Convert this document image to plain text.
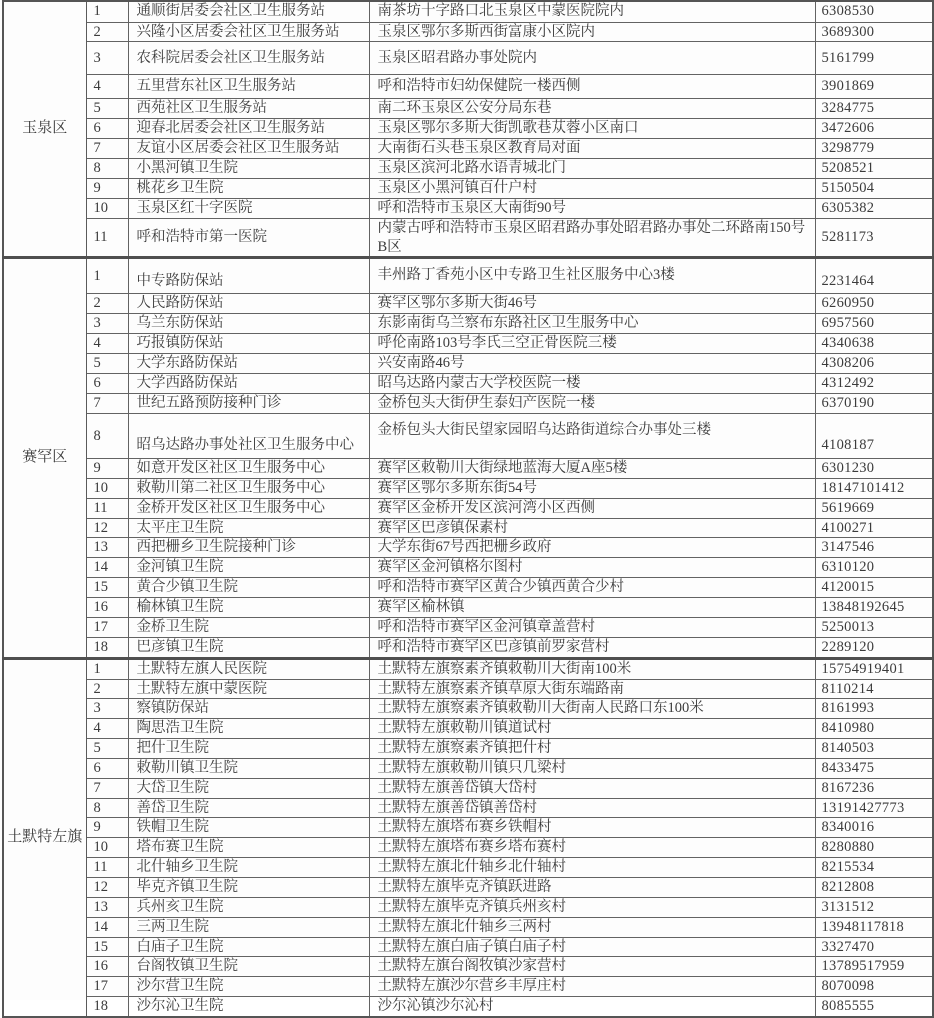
玉泉区	1	通顺街居委会社区卫生服务站	南茶坊十字路口北玉泉区中蒙医院院内	6308530
	2	兴隆小区居委会社区卫生服务站	玉泉区鄂尔多斯西街富康小区院内	3689300
	3	农科院居委会社区卫生服务站	玉泉区昭君路办事处院内	5161799
	4	五里营东社区卫生服务站	呼和浩特市妇幼保健院一楼西侧	3901869
	5	西苑社区卫生服务站	南二环玉泉区公安分局东巷	3284775
	6	迎春北居委会社区卫生服务站	玉泉区鄂尔多斯大街凯歌巷苁蓉小区南口	3472606
	7	友谊小区居委会社区卫生服务站	大南街石头巷玉泉区教育局对面	3298779
	8	小黑河镇卫生院	玉泉区滨河北路水语青城北门	5208521
	9	桃花乡卫生院	玉泉区小黑河镇百什户村	5150504
	10	玉泉区红十字医院	呼和浩特市玉泉区大南街90号	6305382
	11	呼和浩特市第一医院	内蒙古呼和浩特市玉泉区昭君路办事处昭君路办事处二环路南150号B区	5281173
赛罕区	1	中专路防保站	丰州路丁香苑小区中专路卫生社区服务中心3楼	2231464
	2	人民路防保站	赛罕区鄂尔多斯大街46号	6260950
	3	乌兰东防保站	东影南街乌兰察布东路社区卫生服务中心	6957560
	4	巧报镇防保站	呼伦南路103号李氏三空正骨医院三楼	4340638
	5	大学东路防保站	兴安南路46号	4308206
	6	大学西路防保站	昭乌达路内蒙古大学校医院一楼	4312492
	7	世纪五路预防接种门诊	金桥包头大街伊生泰妇产医院一楼	6370190
	8	昭乌达路办事处社区卫生服务中心	金桥包头大街民望家园昭乌达路街道综合办事处三楼	4108187
	9	如意开发区社区卫生服务中心	赛罕区敕勒川大街绿地蓝海大厦A座5楼	6301230
	10	敕勒川第二社区卫生服务中心	赛罕区鄂尔多斯东街54号	18147101412
	11	金桥开发区社区卫生服务中心	赛罕区金桥开发区滨河湾小区西侧	5619669
	12	太平庄卫生院	赛罕区巴彦镇保素村	4100271
	13	西把栅乡卫生院接种门诊	大学东街67号西把栅乡政府	3147546
	14	金河镇卫生院	赛罕区金河镇格尔图村	6310120
	15	黄合少镇卫生院	呼和浩特市赛罕区黄合少镇西黄合少村	4120015
	16	榆林镇卫生院	赛罕区榆林镇	13848192645
	17	金桥卫生院	呼和浩特市赛罕区金河镇章盖营村	5250013
	18	巴彦镇卫生院	呼和浩特市赛罕区巴彦镇前罗家营村	2289120
土默特左旗	1	土默特左旗人民医院	土默特左旗察素齐镇敕勒川大街南100米	15754919401
	2	土默特左旗中蒙医院	土默特左旗察素齐镇草原大街东端路南	8110214
	3	察镇防保站	土默特左旗察素齐镇敕勒川大街南人民路口东100米	8161993
	4	陶思浩卫生院	土默特左旗敕勒川镇道试村	8410980
	5	把什卫生院	土默特左旗察素齐镇把什村	8140503
	6	敕勒川镇卫生院	土默特左旗敕勒川镇只几梁村	8433475
	7	大岱卫生院	土默特左旗善岱镇大岱村	8167236
	8	善岱卫生院	土默特左旗善岱镇善岱村	13191427773
	9	铁帽卫生院	土默特左旗塔布赛乡铁帽村	8340016
	10	塔布赛卫生院	土默特左旗塔布赛乡塔布赛村	8280880
	11	北什轴乡卫生院	土默特左旗北什轴乡北什轴村	8215534
	12	毕克齐镇卫生院	土默特左旗毕克齐镇跃进路	8212808
	13	兵州亥卫生院	土默特左旗毕克齐镇兵州亥村	3131512
	14	三两卫生院	土默特左旗北什轴乡三两村	13948117818
	15	白庙子卫生院	土默特左旗白庙子镇白庙子村	3327470
	16	台阁牧镇卫生院	土默特左旗台阁牧镇沙家营村	13789517959
	17	沙尔营卫生院	土默特左旗沙尔营乡丰厚庄村	8070098
	18	沙尔沁卫生院	沙尔沁镇沙尔沁村	8085555
